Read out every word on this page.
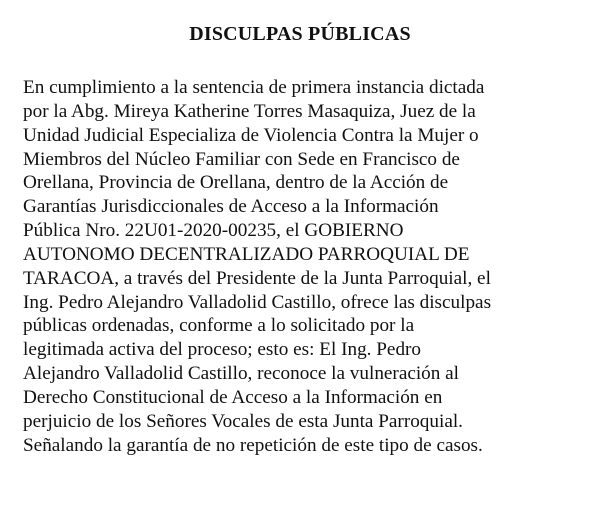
DISCULPAS PÚBLICAS
En cumplimiento a la sentencia de primera instancia dictada
por la Abg. Mireya Katherine Torres Masaquiza, Juez de la
Unidad Judicial Especializa de Violencia Contra la Mujer o
Miembros del Núcleo Familiar con Sede en Francisco de
Orellana, Provincia de Orellana, dentro de la Acción de
Garantías Jurisdiccionales de Acceso a la Información
Pública Nro. 22U01-2020-00235, el GOBIERNO
AUTONOMO DECENTRALIZADO PARROQUIAL DE
TARACOA, a través del Presidente de la Junta Parroquial, el
Ing. Pedro Alejandro Valladolid Castillo, ofrece las disculpas
públicas ordenadas, conforme a lo solicitado por la
legitimada activa del proceso; esto es: El Ing. Pedro
Alejandro Valladolid Castillo, reconoce la vulneración al
Derecho Constitucional de Acceso a la Información en
perjuicio de los Señores Vocales de esta Junta Parroquial.
Señalando la garantía de no repetición de este tipo de casos.
